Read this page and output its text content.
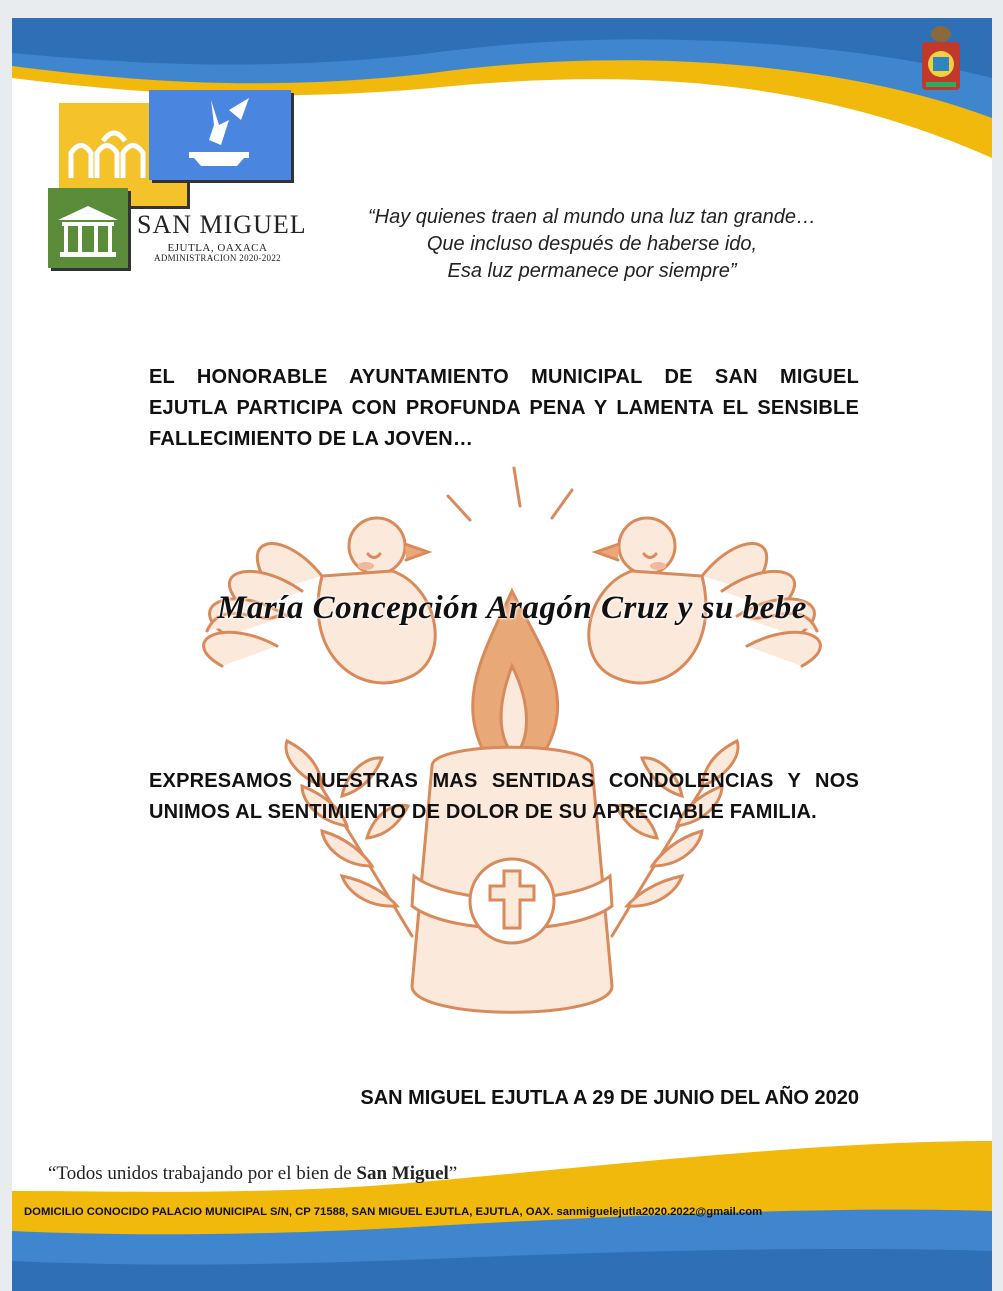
SAN MIGUEL
EJUTLA, OAXACA
ADMINISTRACION 2020-2022
“Hay quienes traen al mundo una luz tan grande…
Que incluso después de haberse ido,
Esa luz permanece por siempre”
EL HONORABLE AYUNTAMIENTO MUNICIPAL DE SAN MIGUEL
EJUTLA PARTICIPA CON PROFUNDA PENA Y LAMENTA EL SENSIBLE
FALLECIMIENTO DE LA JOVEN…
María Concepción Aragón Cruz y su bebe
EXPRESAMOS NUESTRAS MAS SENTIDAS CONDOLENCIAS Y NOS
UNIMOS AL SENTIMIENTO DE DOLOR DE SU APRECIABLE FAMILIA.
SAN MIGUEL EJUTLA A 29 DE JUNIO DEL AÑO 2020
“Todos unidos trabajando por el bien de San Miguel”
DOMICILIO CONOCIDO PALACIO MUNICIPAL S/N, CP 71588, SAN MIGUEL EJUTLA, EJUTLA, OAX. sanmiguelejutla2020.2022@gmail.com
